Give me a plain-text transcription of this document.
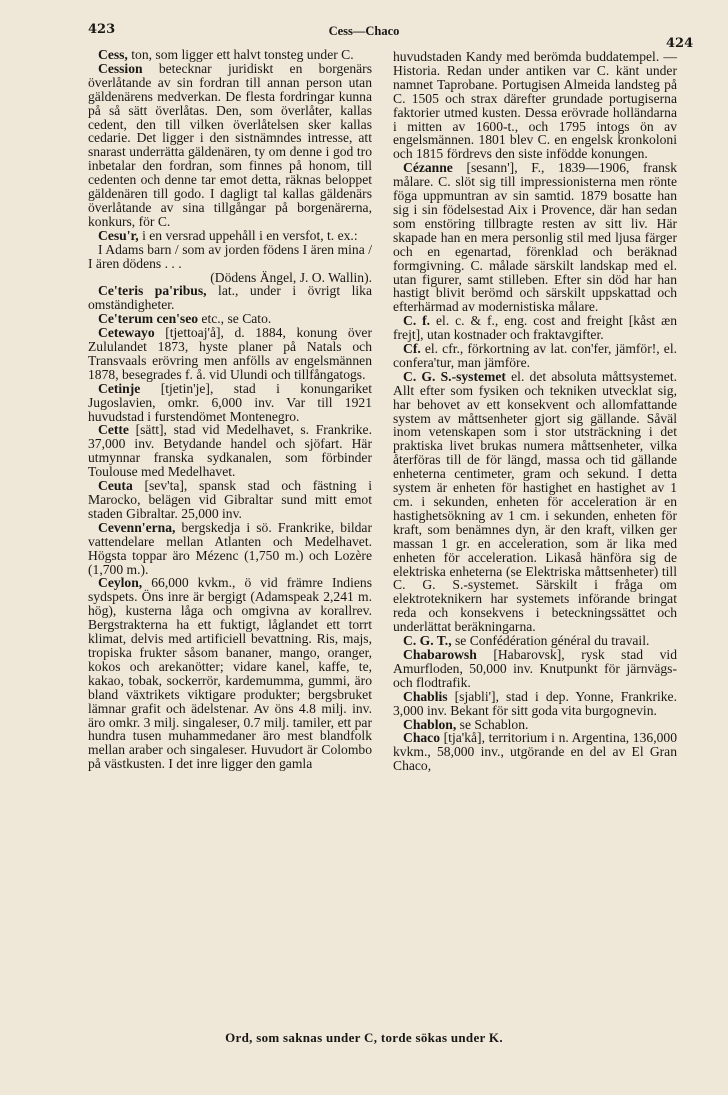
423	Cess—Chaco
424

Cess, ton, som ligger ett halvt tonsteg under C.

Cession betecknar juridiskt en borgenärs överlåtande av sin fordran till annan person utan gäldenärens medverkan. De flesta fordringar kunna på så sätt överlåtas. Den, som överlåter, kallas cedent, den till vilken överlåtelsen sker kallas cedarie. Det ligger i den sistnämndes intresse, att snarast underrätta gäldenären, ty om denne i god tro inbetalar den fordran, som finnes på honom, till cedenten och denne tar emot detta, räknas beloppet gäldenären till godo. I dagligt tal kallas gäldenärs överlåtande av sina tillgångar på borgenärerna, konkurs, för C.

Cesu'r, i en versrad uppehåll i en versfot, t. ex.:

I Adams barn / som av jorden födens I ären mina / I ären dödens . . .
(Dödens Ängel, J. O. Wallin).

Ce'teris pa'ribus, lat., under i övrigt lika omständigheter.

Ce'terum cen'seo etc., se Cato.

Cetewayo [tjettoaj'å], d. 1884, konung över Zululandet 1873, hyste planer på Natals och Transvaals erövring men anfölls av engelsmännen 1878, besegrades f. å. vid Ulundi och tillfångatogs.

Cetinje [tjetin'je], stad i konungariket Jugoslavien, omkr. 6,000 inv. Var till 1921 huvudstad i furstendömet Montenegro.

Cette [sätt], stad vid Medelhavet, s. Frankrike. 37,000 inv. Betydande handel och sjöfart. Här utmynnar franska sydkanalen, som förbinder Toulouse med Medelhavet.

Ceuta [sev'ta], spansk stad och fästning i Marocko, belägen vid Gibraltar sund mitt emot staden Gibraltar. 25,000 inv.

Cevenn'erna, bergskedja i sö. Frankrike, bildar vattendelare mellan Atlanten och Medelhavet. Högsta toppar äro Mézenc (1,750 m.) och Lozère (1,700 m.).

Ceylon, 66,000 kvkm., ö vid främre Indiens sydspets. Öns inre är bergigt (Adamspeak 2,241 m. hög), kusterna låga och omgivna av korallrev. Bergstrakterna ha ett fuktigt, låglandet ett torrt klimat, delvis med artificiell bevattning. Ris, majs, tropiska frukter såsom bananer, mango, oranger, kokos och arekanötter; vidare kanel, kaffe, te, kakao, tobak, sockerrör, kardemumma, gummi, äro bland växtrikets viktigare produkter; bergsbruket lämnar grafit och ädelstenar. Av öns 4.8 milj. inv. äro omkr. 3 milj. singaleser, 0.7 milj. tamiler, ett par hundra tusen muhammedaner äro mest blandfolk mellan araber och singaleser. Huvudort är Colombo på västkusten. I det inre ligger den gamla

huvudstaden Kandy med berömda buddatempel. — Historia. Redan under antiken var C. känt under namnet Taprobane. Portugisen Almeida landsteg på C. 1505 och strax därefter grundade portugiserna faktorier utmed kusten. Dessa erövrade holländarna i mitten av 1600-t., och 1795 intogs ön av engelsmännen. 1801 blev C. en engelsk kronkoloni och 1815 fördrevs den siste infödde konungen.

Cézanne [sesann'], F., 1839—1906, fransk målare. C. slöt sig till impressionisterna men rönte föga uppmuntran av sin samtid. 1879 bosatte han sig i sin födelsestad Aix i Provence, där han sedan som enstöring tillbragte resten av sitt liv. Här skapade han en mera personlig stil med ljusa färger och en egenartad, förenklad och beräknad formgivning. C. målade särskilt landskap med el. utan figurer, samt stilleben. Efter sin död har han hastigt blivit berömd och särskilt uppskattad och efterhärmad av modernistiska målare.

C. f. el. c. & f., eng. cost and freight [kåst æn frejt], utan kostnader och fraktavgifter.

Cf. el. cfr., förkortning av lat. con'fer, jämför!, el. confera'tur, man jämföre.

C. G. S.-systemet el. det absoluta måttsystemet. Allt efter som fysiken och tekniken utvecklat sig, har behovet av ett konsekvent och allomfattande system av måttsenheter gjort sig gällande. Såväl inom vetenskapen som i stor utsträckning i det praktiska livet brukas numera måttsenheter, vilka återföras till de för längd, massa och tid gällande enheterna centimeter, gram och sekund. I detta system är enheten för hastighet en hastighet av 1 cm. i sekunden, enheten för acceleration är en hastighetsökning av 1 cm. i sekunden, enheten för kraft, som benämnes dyn, är den kraft, vilken ger massan 1 gr. en acceleration, som är lika med enheten för acceleration. Likaså hänföra sig de elektriska enheterna (se Elektriska måttsenheter) till C. G. S.-systemet. Särskilt i fråga om elektroteknikern har systemets införande bringat reda och konsekvens i beteckningssättet och underlättat beräkningarna.

C. G. T., se Confédération général du travail.

Chabarowsh [Habarovsk], rysk stad vid Amurfloden, 50,000 inv. Knutpunkt för järnvägs- och flodtrafik.

Chablis [sjabli'], stad i dep. Yonne, Frankrike. 3,000 inv. Bekant för sitt goda vita burgognevin.

Chablon, se Schablon.

Chaco [tja'kå], territorium i n. Argentina, 136,000 kvkm., 58,000 inv., utgörande en del av El Gran Chaco,

Ord, som saknas under C, torde sökas under K.
